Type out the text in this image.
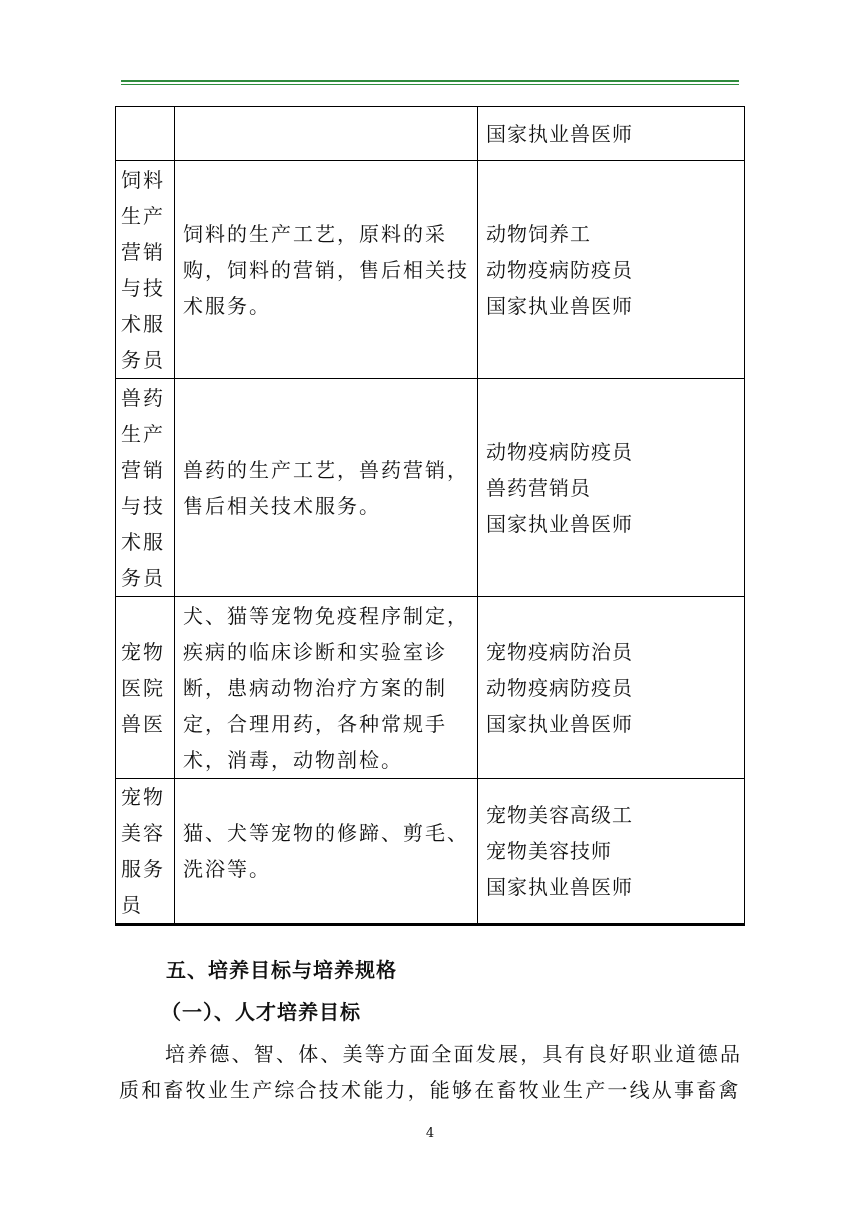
		国家执业兽医师

饲料生产营销与技术服务员	饲料的生产工艺，原料的采购，饲料的营销，售后相关技术服务。	动物饲养工
动物疫病防疫员
国家执业兽医师

兽药生产营销与技术服务员	兽药的生产工艺，兽药营销，售后相关技术服务。	动物疫病防疫员
兽药营销员
国家执业兽医师

宠物医院兽医	犬、猫等宠物免疫程序制定，疾病的临床诊断和实验室诊断，患病动物治疗方案的制定，合理用药，各种常规手术，消毒，动物剖检。	宠物疫病防治员
动物疫病防疫员
国家执业兽医师

宠物美容服务员	猫、犬等宠物的修蹄、剪毛、洗浴等。	宠物美容高级工
宠物美容技师
国家执业兽医师
五、培养目标与培养规格
（一）、人才培养目标
培养德、智、体、美等方面全面发展，具有良好职业道德品质和畜牧业生产综合技术能力，能够在畜牧业生产一线从事畜禽
4
